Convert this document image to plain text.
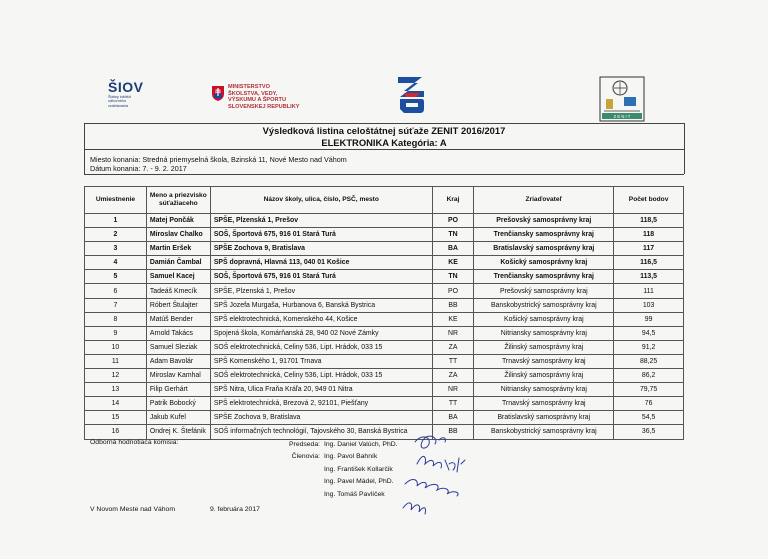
ŠIOV
Štátny inštitút
odborného
vzdelávania
MINISTERSTVO
ŠKOLSTVA, VEDY,
VÝSKUMU A ŠPORTU
SLOVENSKEJ REPUBLIKY
Z E N I T
Výsledková listina celoštátnej súťaže ZENIT 2016/2017
ELEKTRONIKA Kategória: A
Miesto konania: Stredná priemyselná škola, Bzinská 11, Nové Mesto nad Váhom
Dátum konania: 7. - 9. 2. 2017
Umiestnenie	Meno a priezvisko súťažiaceho	Názov školy, ulica, číslo, PSČ, mesto	Kraj	Zriaďovateľ	Počet bodov
1	Matej Pončák	SPŠE, Plzenská 1, Prešov	PO	Prešovský samosprávny kraj	118,5
2	Miroslav Chalko	SOŠ, Športová 675, 916 01 Stará Turá	TN	Trenčiansky samosprávny kraj	118
3	Martin Eršek	SPŠE Zochova 9, Bratislava	BA	Bratislavský samosprávny kraj	117
4	Damián Čambal	SPŠ dopravná, Hlavná 113, 040 01 Košice	KE	Košický samosprávny kraj	116,5
5	Samuel Kacej	SOŠ, Športová 675, 916 01 Stará Turá	TN	Trenčiansky samosprávny kraj	113,5
6	Tadeáš Kmecík	SPŠE, Plzenská 1, Prešov	PO	Prešovský samosprávny kraj	111
7	Róbert Štulajter	SPŠ Jozefa Murgaša, Hurbanova 6, Banská Bystrica	BB	Banskobystrický samosprávny kraj	103
8	Matúš Bender	SPŠ elektrotechnická, Komenského 44, Košice	KE	Košický samosprávny kraj	99
9	Arnold Takács	Spojená škola, Komárňanská 28, 940 02 Nové Zámky	NR	Nitriansky samosprávny kraj	94,5
10	Samuel Sleziak	SOŠ elektrotechnická, Celiny 536, Lipt. Hrádok, 033 15	ZA	Žilinský samosprávny kraj	91,2
11	Adam Bavolár	SPŠ Komenského 1, 91701 Trnava	TT	Trnavský samosprávny kraj	88,25
12	Miroslav Kamhal	SOŠ elektrotechnická, Celiny 536, Lipt. Hrádok, 033 15	ZA	Žilinský samosprávny kraj	86,2
13	Filip Gerhárt	SPŠ Nitra, Ulica Fraňa Kráľa 20, 949 01 Nitra	NR	Nitriansky samosprávny kraj	79,75
14	Patrik Bobocký	SPŠ elektrotechnická, Brezová 2, 92101, Piešťany	TT	Trnavský samosprávny kraj	76
15	Jakub Kufel	SPŠE Zochova 9, Bratislava	BA	Bratislavský samosprávny kraj	54,5
16	Ondrej K. Štefánik	SOŠ informačných technológií, Tajovského 30, Banská Bystrica	BB	Banskobystrický samosprávny kraj	36,5
Odborná hodnotiaca komisia:	Predseda: Ing. Daniel Valúch, PhD.
Členovia: Ing. Pavol Bahník
Ing. František Kollarčik
Ing. Pavel Mádel, PhD.
Ing. Tomáš Pavlíček
V Novom Meste nad Váhom	9. februára 2017
